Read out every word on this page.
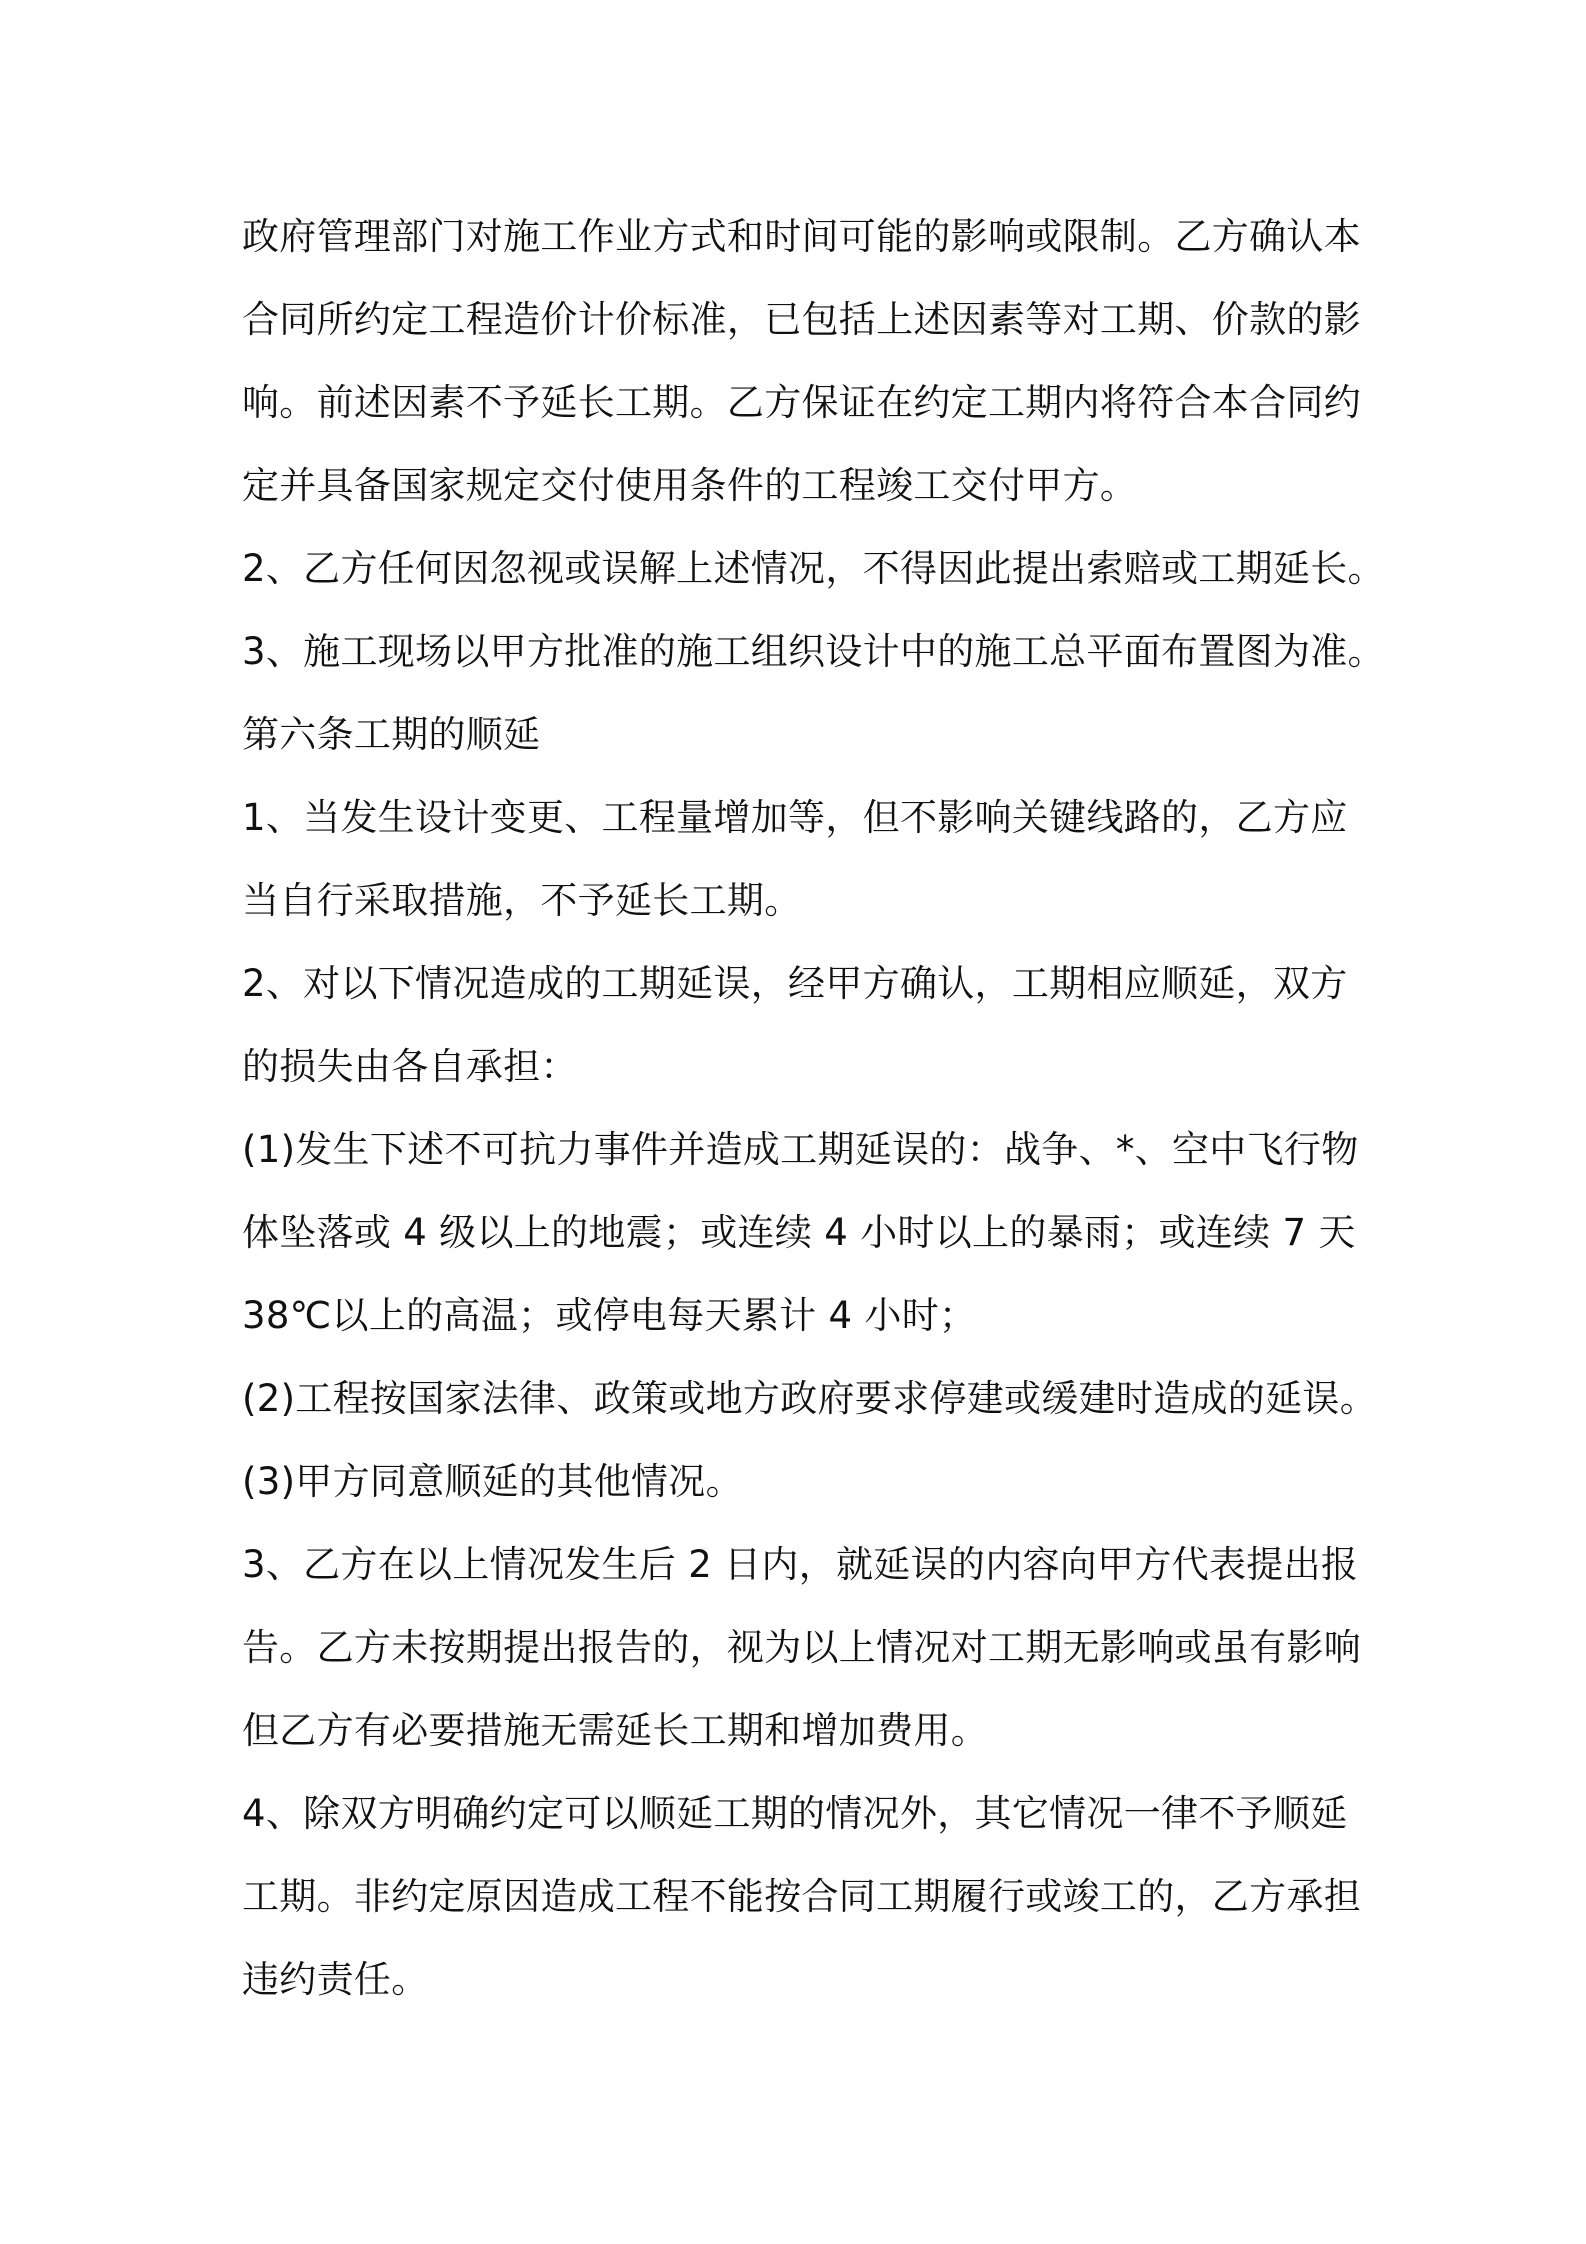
政府管理部门对施工作业方式和时间可能的影响或限制。乙方确认本
合同所约定工程造价计价标准，已包括上述因素等对工期、价款的影
响。前述因素不予延长工期。乙方保证在约定工期内将符合本合同约
定并具备国家规定交付使用条件的工程竣工交付甲方。
2、乙方任何因忽视或误解上述情况，不得因此提出索赔或工期延长。
3、施工现场以甲方批准的施工组织设计中的施工总平面布置图为准。
第六条工期的顺延
1、当发生设计变更、工程量增加等，但不影响关键线路的，乙方应
当自行采取措施，不予延长工期。
2、对以下情况造成的工期延误，经甲方确认，工期相应顺延，双方
的损失由各自承担：
(1)发生下述不可抗力事件并造成工期延误的：战争、*、空中飞行物
体坠落或 4 级以上的地震；或连续 4 小时以上的暴雨；或连续 7 天
38℃以上的高温；或停电每天累计 4 小时；
(2)工程按国家法律、政策或地方政府要求停建或缓建时造成的延误。
(3)甲方同意顺延的其他情况。
3、乙方在以上情况发生后 2 日内，就延误的内容向甲方代表提出报
告。乙方未按期提出报告的，视为以上情况对工期无影响或虽有影响
但乙方有必要措施无需延长工期和增加费用。
4、除双方明确约定可以顺延工期的情况外，其它情况一律不予顺延
工期。非约定原因造成工程不能按合同工期履行或竣工的，乙方承担
违约责任。
